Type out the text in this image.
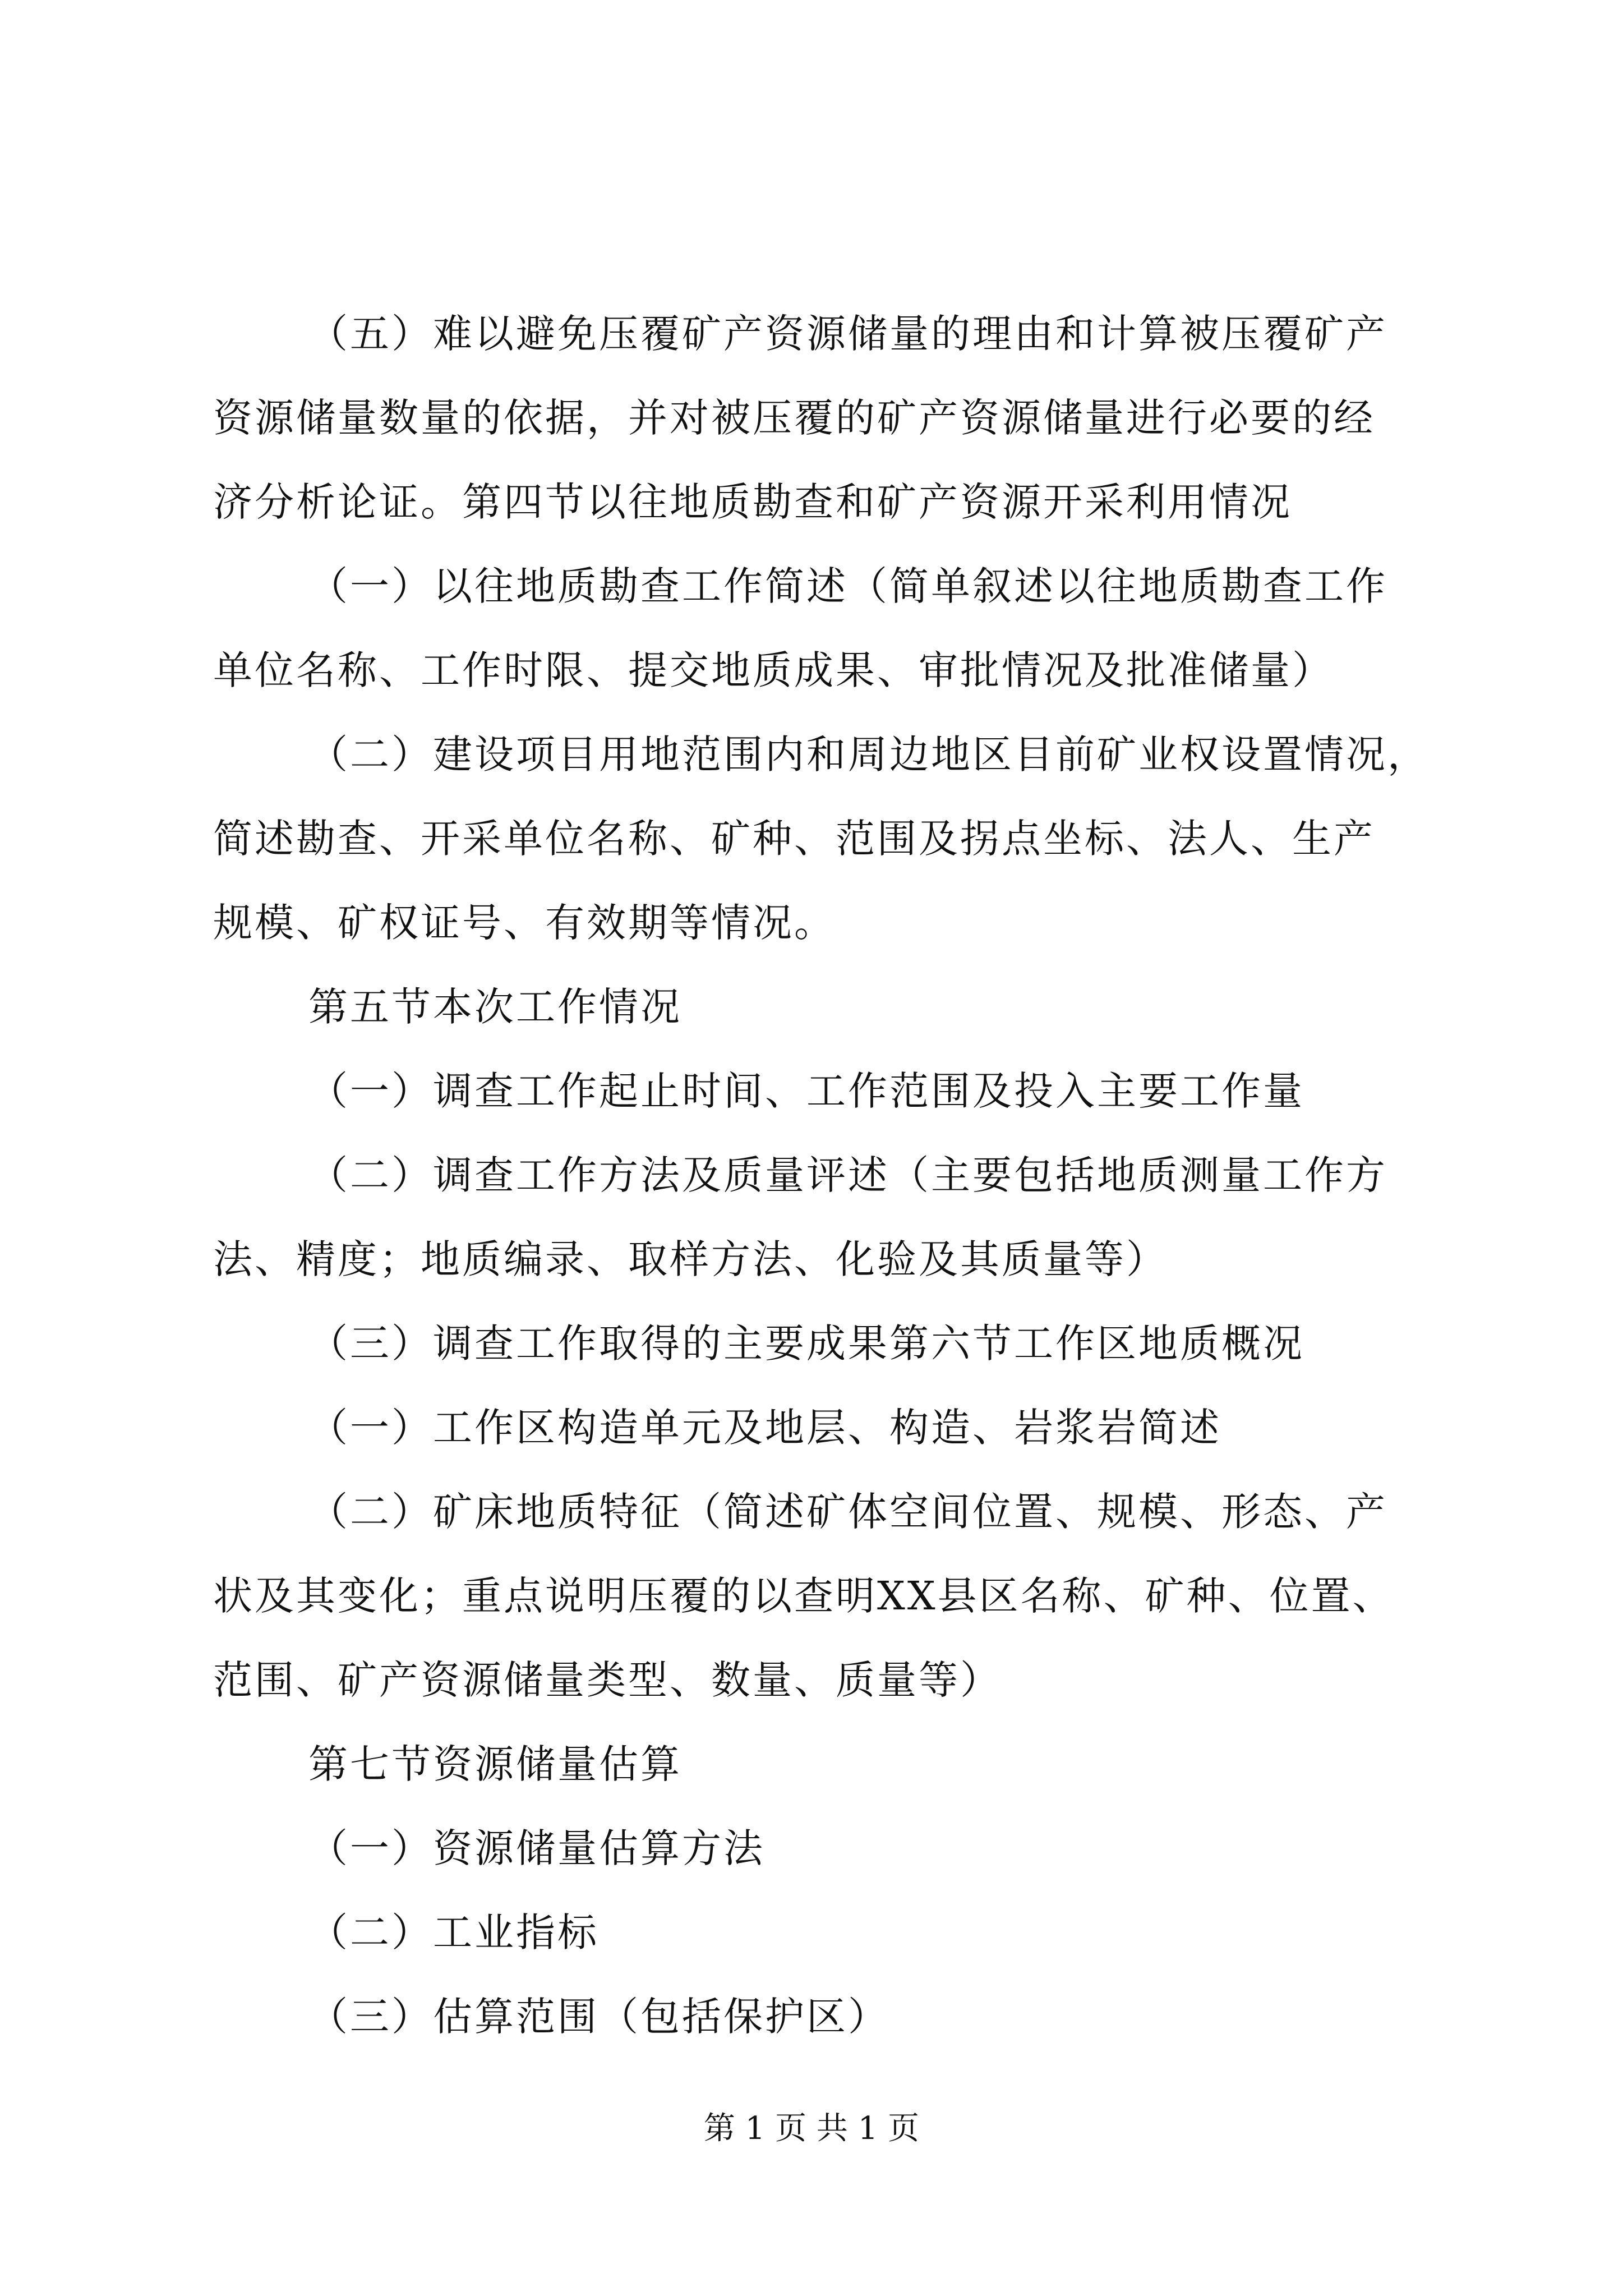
（五）难以避免压覆矿产资源储量的理由和计算被压覆矿产
资源储量数量的依据，并对被压覆的矿产资源储量进行必要的经
济分析论证。第四节以往地质勘查和矿产资源开采利用情况
（一）以往地质勘查工作简述（简单叙述以往地质勘查工作
单位名称、工作时限、提交地质成果、审批情况及批准储量）
（二）建设项目用地范围内和周边地区目前矿业权设置情况，
简述勘查、开采单位名称、矿种、范围及拐点坐标、法人、生产
规模、矿权证号、有效期等情况。
第五节本次工作情况
（一）调查工作起止时间、工作范围及投入主要工作量
（二）调查工作方法及质量评述（主要包括地质测量工作方
法、精度；地质编录、取样方法、化验及其质量等）
（三）调查工作取得的主要成果第六节工作区地质概况
（一）工作区构造单元及地层、构造、岩浆岩简述
（二）矿床地质特征（简述矿体空间位置、规模、形态、产
状及其变化；重点说明压覆的以查明XX县区名称、矿种、位置、
范围、矿产资源储量类型、数量、质量等）
第七节资源储量估算
（一）资源储量估算方法
（二）工业指标
（三）估算范围（包括保护区）
第 1 页 共 1 页
